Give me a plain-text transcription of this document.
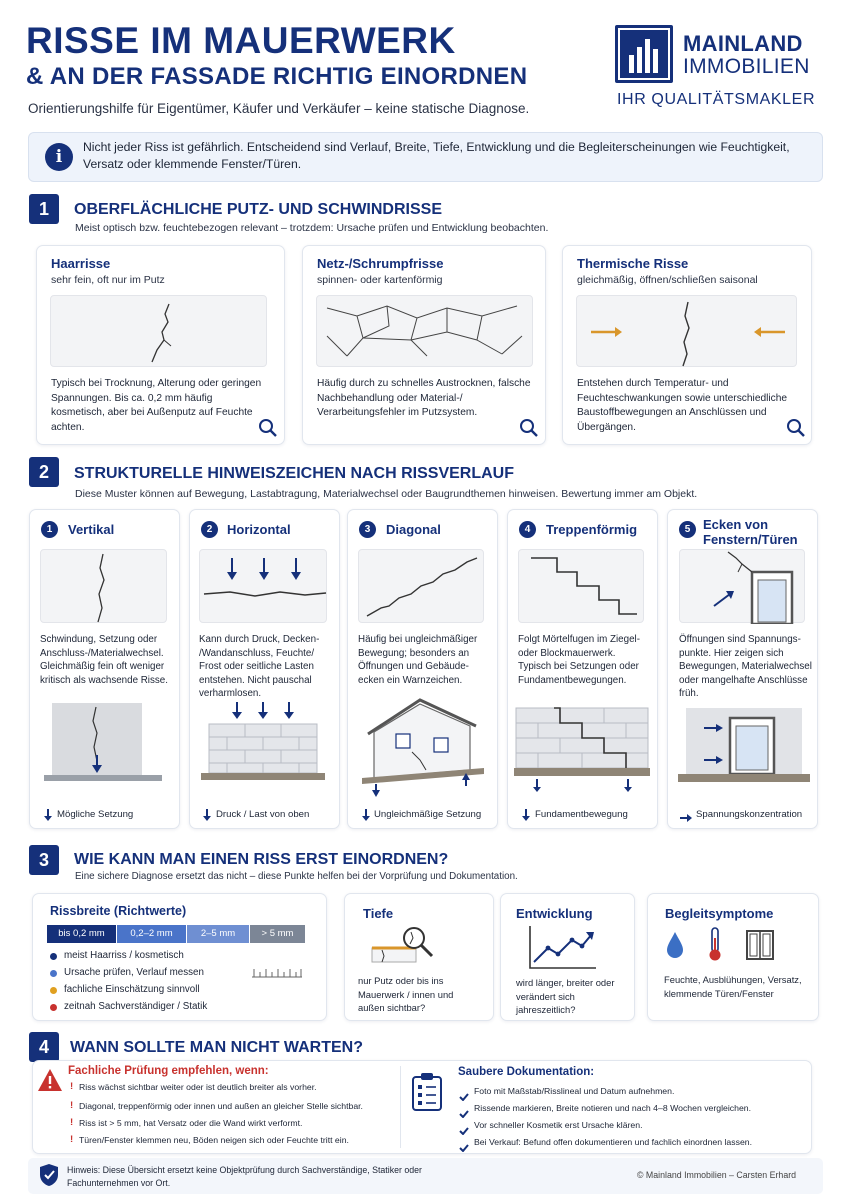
RISSE IM MAUERWERK
& AN DER FASSADE RICHTIG EINORDNEN
Orientierungshilfe für Eigentümer, Käufer und Verkäufer – keine statische Diagnose.
MAINLAND
IMMOBILIEN
IHR QUALITÄTSMAKLER
i	Nicht jeder Riss ist gefährlich. Entscheidend sind Verlauf, Breite, Tiefe, Entwicklung und die Begleiterscheinungen wie Feuchtigkeit, Versatz oder klemmende Fenster/Türen.
1	OBERFLÄCHLICHE PUTZ- UND SCHWINDRISSE
Meist optisch bzw. feuchtebezogen relevant – trotzdem: Ursache prüfen und Entwicklung beobachten.
Haarrisse
sehr fein, oft nur im Putz
Typisch bei Trocknung, Alterung oder geringen Spannungen. Bis ca. 0,2 mm häufig kosmetisch, aber bei Außenputz auf Feuchte achten.
Netz-/Schrumpfrisse
spinnen- oder kartenförmig
Häufig durch zu schnelles Austrocknen, falsche Nachbehandlung oder Material-/ Verarbeitungsfehler im Putzsystem.
Thermische Risse
gleichmäßig, öffnen/schließen saisonal
Entstehen durch Temperatur- und Feuchteschwankungen sowie unterschiedliche Baustoffbewegungen an Anschlüssen und Übergängen.
2	STRUKTURELLE HINWEISZEICHEN NACH RISSVERLAUF
Diese Muster können auf Bewegung, Lastabtragung, Materialwechsel oder Baugrundthemen hinweisen. Bewertung immer am Objekt.
1	Vertikal
Schwindung, Setzung oder Anschluss-/Materialwechsel. Gleichmäßig fein oft weniger kritisch als wachsende Risse.
Mögliche Setzung
2	Horizontal
Kann durch Druck, Decken- /Wandanschluss, Feuchte/ Frost oder seitliche Lasten entstehen. Nicht pauschal verharmlosen.
Druck / Last von oben
3	Diagonal
Häufig bei ungleichmäßiger Bewegung; besonders an Öffnungen und Gebäude- ecken ein Warnzeichen.
Ungleichmäßige Setzung
4	Treppenförmig
Folgt Mörtelfugen im Ziegel- oder Blockmauerwerk. Typisch bei Setzungen oder Fundamentbewegungen.
Fundamentbewegung
5 Ecken von Fenstern/Türen
Öffnungen sind Spannungs- punkte. Hier zeigen sich Bewegungen, Materialwechsel oder mangelhafte Anschlüsse früh.
Spannungskonzentration
3	WIE KANN MAN EINEN RISS ERST EINORDNEN?
Eine sichere Diagnose ersetzt das nicht – diese Punkte helfen bei der Vorprüfung und Dokumentation.
Rissbreite (Richtwerte)
bis 0,2 mm	0,2–2 mm	2–5 mm	> 5 mm
meist Haarriss / kosmetisch
Ursache prüfen, Verlauf messen
fachliche Einschätzung sinnvoll
zeitnah Sachverständiger / Statik
Tiefe
nur Putz oder bis ins Mauerwerk / innen und außen sichtbar?
Entwicklung
wird länger, breiter oder verändert sich jahreszeitlich?
Begleitsymptome
Feuchte, Ausblühungen, Versatz, klemmende Türen/Fenster
4	WANN SOLLTE MAN NICHT WARTEN?
Fachliche Prüfung empfehlen, wenn:
! Riss wächst sichtbar weiter oder ist deutlich breiter als vorher.
! Diagonal, treppenförmig oder innen und außen an gleicher Stelle sichtbar.
! Riss ist > 5 mm, hat Versatz oder die Wand wirkt verformt.
! Türen/Fenster klemmen neu, Böden neigen sich oder Feuchte tritt ein.
Saubere Dokumentation:
Foto mit Maßstab/Risslineal und Datum aufnehmen.
Rissende markieren, Breite notieren und nach 4–8 Wochen vergleichen.
Vor schneller Kosmetik erst Ursache klären.
Bei Verkauf: Befund offen dokumentieren und fachlich einordnen lassen.
Hinweis: Diese Übersicht ersetzt keine Objektprüfung durch Sachverständige, Statiker oder Fachunternehmen vor Ort.
© Mainland Immobilien – Carsten Erhard
